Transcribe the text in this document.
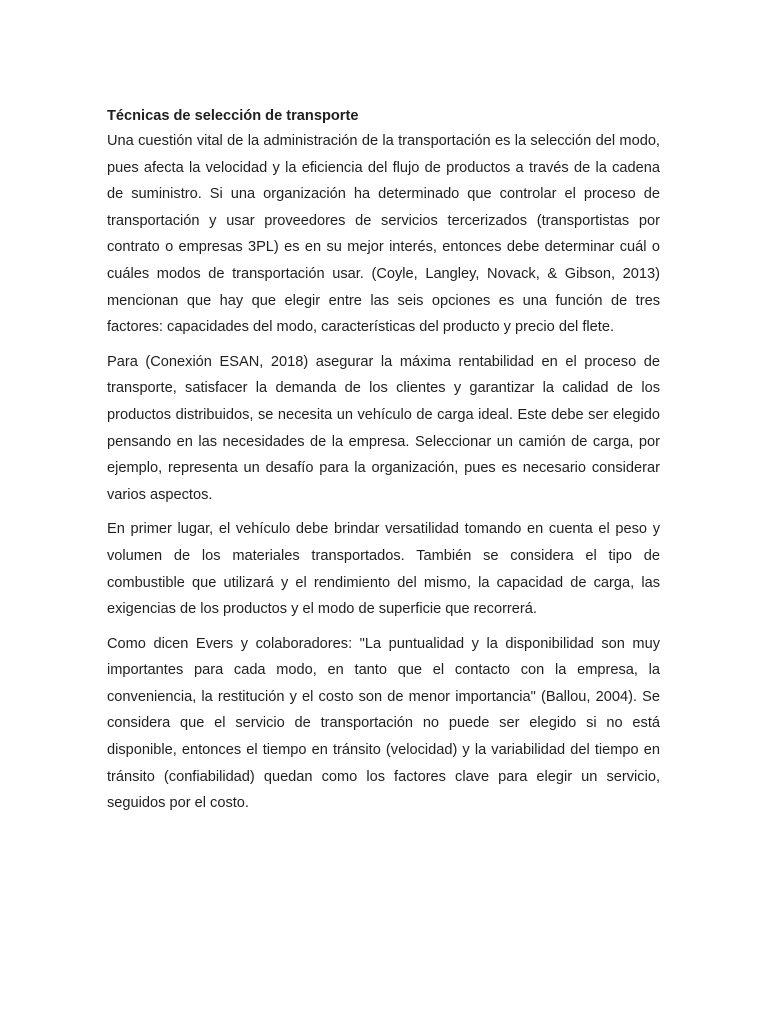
Técnicas de selección de transporte

Una cuestión vital de la administración de la transportación es la selección del modo, pues afecta la velocidad y la eficiencia del flujo de productos a través de la cadena de suministro. Si una organización ha determinado que controlar el proceso de transportación y usar proveedores de servicios tercerizados (transportistas por contrato o empresas 3PL) es en su mejor interés, entonces debe determinar cuál o cuáles modos de transportación usar. (Coyle, Langley, Novack, & Gibson, 2013) mencionan que hay que elegir entre las seis opciones es una función de tres factores: capacidades del modo, características del producto y precio del flete.

Para (Conexión ESAN, 2018) asegurar la máxima rentabilidad en el proceso de transporte, satisfacer la demanda de los clientes y garantizar la calidad de los productos distribuidos, se necesita un vehículo de carga ideal. Este debe ser elegido pensando en las necesidades de la empresa. Seleccionar un camión de carga, por ejemplo, representa un desafío para la organización, pues es necesario considerar varios aspectos.

En primer lugar, el vehículo debe brindar versatilidad tomando en cuenta el peso y volumen de los materiales transportados. También se considera el tipo de combustible que utilizará y el rendimiento del mismo, la capacidad de carga, las exigencias de los productos y el modo de superficie que recorrerá.

Como dicen Evers y colaboradores: "La puntualidad y la disponibilidad son muy importantes para cada modo, en tanto que el contacto con la empresa, la conveniencia, la restitución y el costo son de menor importancia" (Ballou, 2004). Se considera que el servicio de transportación no puede ser elegido si no está disponible, entonces el tiempo en tránsito (velocidad) y la variabilidad del tiempo en tránsito (confiabilidad) quedan como los factores clave para elegir un servicio, seguidos por el costo.
